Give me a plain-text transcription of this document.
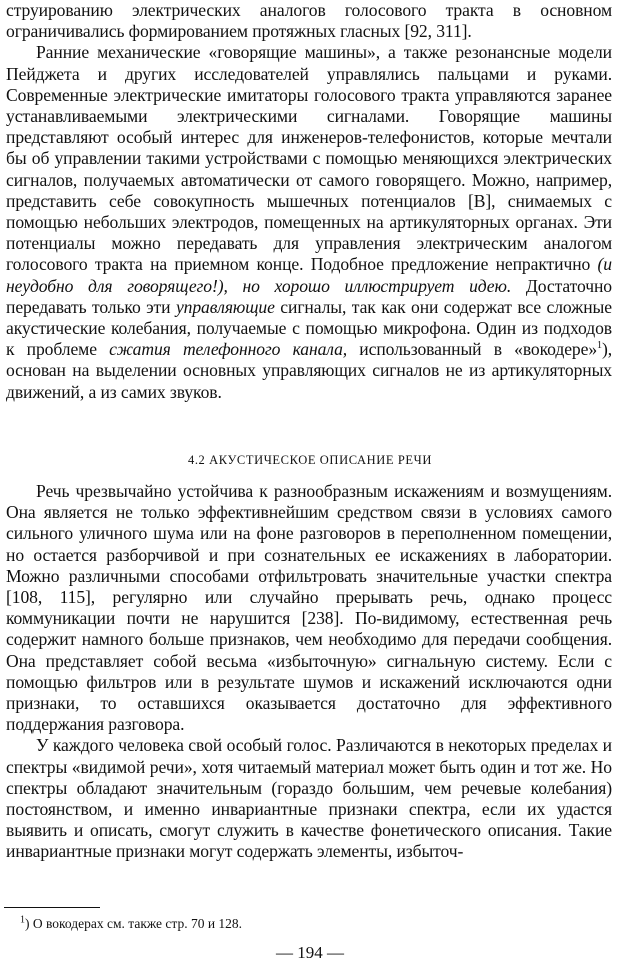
струированию электрических аналогов голосового тракта в основном ограничивались формированием протяжных гласных [92, 311].

Ранние механические «говорящие машины», а также резонансные модели Пейджета и других исследователей управлялись пальцами и руками. Современные электрические имитаторы голосового тракта управляются заранее устанавливаемыми электрическими сигналами. Говорящие машины представляют особый интерес для инженеров-телефонистов, которые мечтали бы об управлении такими устройствами с помощью меняющихся электрических сигналов, получаемых автоматически от самого говорящего. Можно, например, представить себе совокупность мышечных потенциалов [В], снимаемых с помощью небольших электродов, помещенных на артикуляторных органах. Эти потенциалы можно передавать для управления электрическим аналогом голосового тракта на приемном конце. Подобное предложение непрактично (и неудобно для говорящего!), но хорошо иллюстрирует идею. Достаточно передавать только эти управляющие сигналы, так как они содержат все сложные акустические колебания, получаемые с помощью микрофона. Один из подходов к проблеме сжатия телефонного канала, использованный в «вокодере»$^1$), основан на выделении основных управляющих сигналов не из артикуляторных движений, а из самих звуков.

4.2 АКУСТИЧЕСКОЕ ОПИСАНИЕ РЕЧИ

Речь чрезвычайно устойчива к разнообразным искажениям и возмущениям. Она является не только эффективнейшим средством связи в условиях самого сильного уличного шума или на фоне разговоров в переполненном помещении, но остается разборчивой и при сознательных ее искажениях в лаборатории. Можно различными способами отфильтровать значительные участки спектра [108, 115], регулярно или случайно прерывать речь, однако процесс коммуникации почти не нарушится [238]. По-видимому, естественная речь содержит намного больше признаков, чем необходимо для передачи сообщения. Она представляет собой весьма «избыточную» сигнальную систему. Если с помощью фильтров или в результате шумов и искажений исключаются одни признаки, то оставшихся оказывается достаточно для эффективного поддержания разговора.

У каждого человека свой особый голос. Различаются в некоторых пределах и спектры «видимой речи», хотя читаемый материал может быть один и тот же. Но спектры обладают значительным (гораздо большим, чем речевые колебания) постоянством, и именно инвариантные признаки спектра, если их удастся выявить и описать, смогут служить в качестве фонетического описания. Такие инвариантные признаки могут содержать элементы, избыточ-

$^1$) О вокодерах см. также стр. 70 и 128.
— 194 —
